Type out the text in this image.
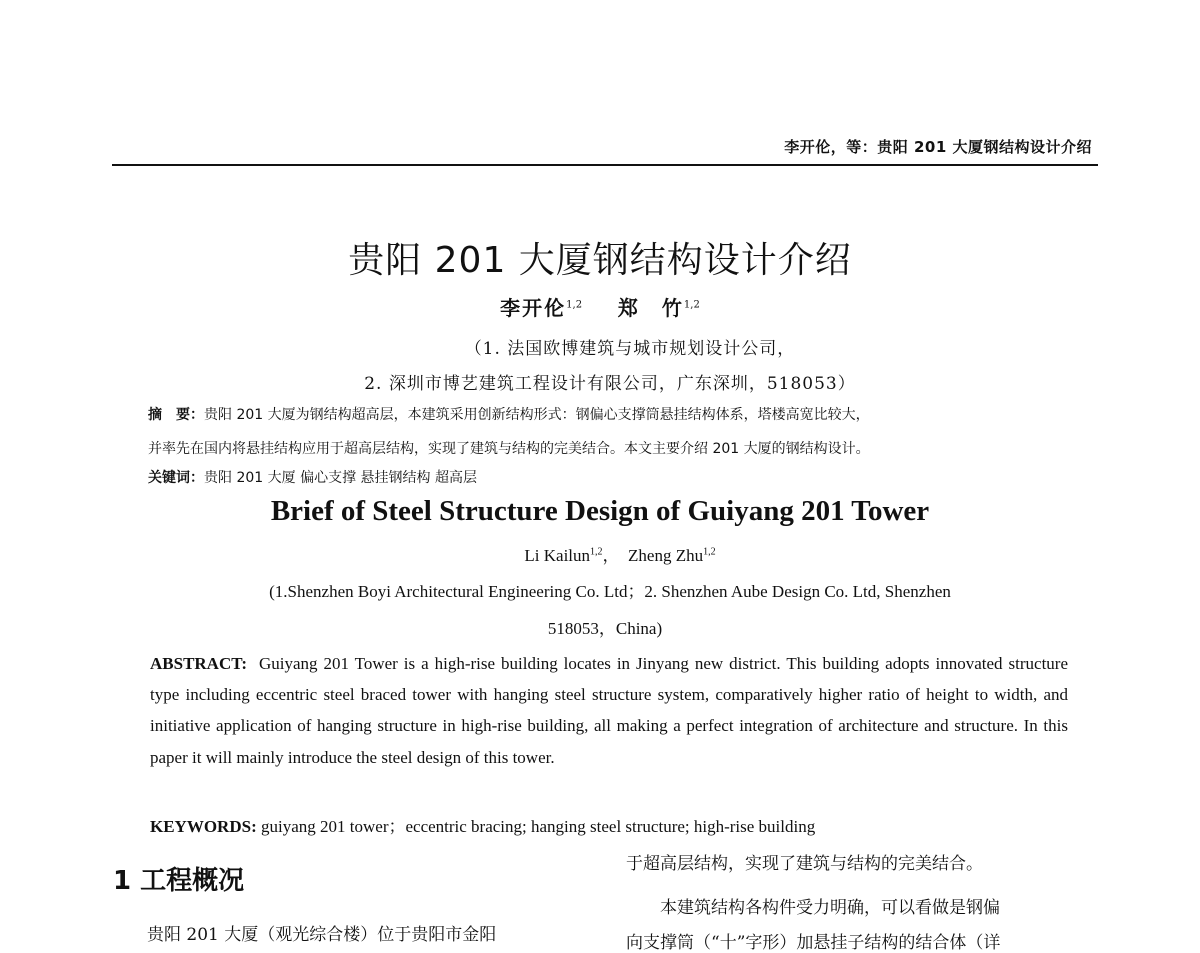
李开伦，等：贵阳 201 大厦钢结构设计介绍
贵阳 201 大厦钢结构设计介绍
李开伦$^{1,2}$ 郑　竹$^{1,2}$
（1. 法国欧博建筑与城市规划设计公司，
2. 深圳市博艺建筑工程设计有限公司，广东深圳，518053）
摘　要：贵阳 201 大厦为钢结构超高层，本建筑采用创新结构形式：钢偏心支撑筒悬挂结构体系，塔楼高宽比较大，
并率先在国内将悬挂结构应用于超高层结构，实现了建筑与结构的完美结合。本文主要介绍 201 大厦的钢结构设计。
关键词：贵阳 201 大厦 偏心支撑 悬挂钢结构 超高层
Brief of Steel Structure Design of Guiyang 201 Tower
Li Kailun$^{1,2}$， Zheng Zhu$^{1,2}$
(1.Shenzhen Boyi Architectural Engineering Co. Ltd；2. Shenzhen Aube Design Co. Ltd, Shenzhen
518053，China)
ABSTRACT: Guiyang 201 Tower is a high-rise building locates in Jinyang new district. This building adopts innovated structure type including eccentric steel braced tower with hanging steel structure system, comparatively higher ratio of height to width, and initiative application of hanging structure in high-rise building, all making a perfect integration of architecture and structure. In this paper it will mainly introduce the steel design of this tower.
KEYWORDS: guiyang 201 tower；eccentric bracing; hanging steel structure; high-rise building
1 工程概况
贵阳 201 大厦（观光综合楼）位于贵阳市金阳
于超高层结构，实现了建筑与结构的完美结合。
本建筑结构各构件受力明确，可以看做是钢偏
向支撑筒（“十”字形）加悬挂子结构的结合体（详
